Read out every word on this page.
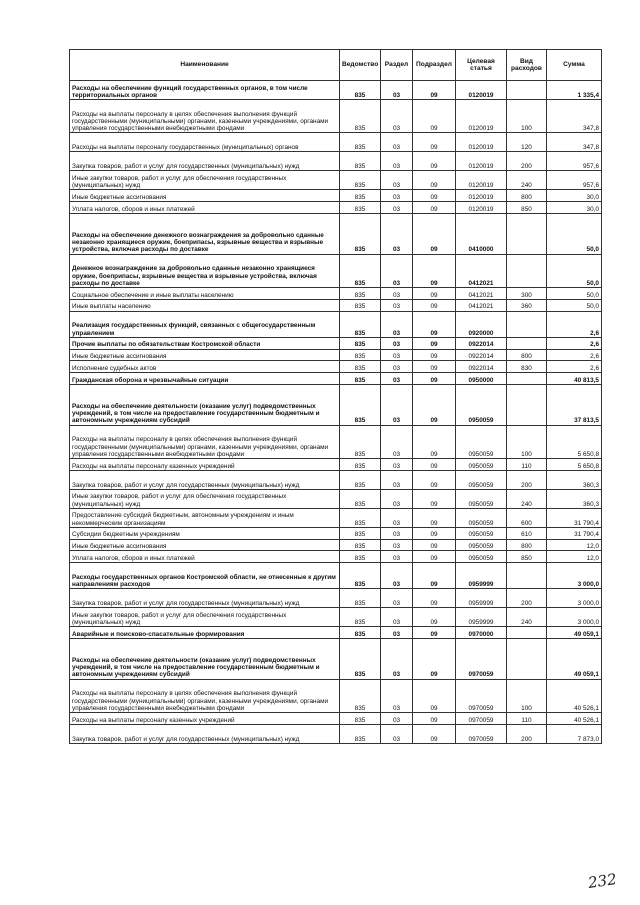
Наименование	Ведомство	Раздел	Подраздел	Целевая статья	Вид расходов	Сумма
Расходы на обеспечение функций государственных органов, в том числе территориальных органов	835	03	09	0120019		1 335,4
Расходы на выплаты персоналу в целях обеспечения выполнения функций государственными (муниципальными) органами, казенными учреждениями, органами управления государственными внебюджетными фондами	835	03	09	0120019	100	347,8
Расходы на выплаты персоналу государственных (муниципальных) органов	835	03	09	0120019	120	347,8
Закупка товаров, работ и услуг для государственных (муниципальных) нужд	835	03	09	0120019	200	957,6
Иные закупки товаров, работ и услуг для обеспечения государственных (муниципальных) нужд	835	03	09	0120019	240	957,6
Иные бюджетные ассигнования	835	03	09	0120019	800	30,0
Уплата налогов, сборов и иных платежей	835	03	09	0120019	850	30,0
Расходы на обеспечение денежного вознаграждения за добровольно сданные незаконно хранящиеся оружие, боеприпасы, взрывные вещества и взрывные устройства, включая расходы по доставке	835	03	09	0410000		50,0
Денежное вознаграждение за добровольно сданные незаконно хранящиеся оружие, боеприпасы, взрывные вещества и взрывные устройства, включая расходы по доставке	835	03	09	0412021		50,0
Социальное обеспечение и иные выплаты населению	835	03	09	0412021	300	50,0
Иные выплаты населению	835	03	09	0412021	360	50,0
Реализация государственных функций, связанных с общегосударственным управлением	835	03	09	0920000		2,6
Прочие выплаты по обязательствам Костромской области	835	03	09	0922014		2,6
Иные бюджетные ассигнования	835	03	09	0922014	800	2,6
Исполнение судебных актов	835	03	09	0922014	830	2,6
Гражданская оборона и чрезвычайные ситуации	835	03	09	0950000		40 813,5
Расходы на обеспечение деятельности (оказание услуг) подведомственных учреждений, в том числе на предоставление государственным бюджетным и автономным учреждениям субсидий	835	03	09	0950059		37 813,5
Расходы на выплаты персоналу в целях обеспечения выполнения функций государственными (муниципальными) органами, казенными учреждениями, органами управления государственными внебюджетными фондами	835	03	09	0950059	100	5 650,8
Расходы на выплаты персоналу казенных учреждений	835	03	09	0950059	110	5 650,8
Закупка товаров, работ и услуг для государственных (муниципальных) нужд	835	03	09	0950059	200	360,3
Иные закупки товаров, работ и услуг для обеспечения государственных (муниципальных) нужд	835	03	09	0950059	240	360,3
Предоставление субсидий бюджетным, автономным учреждениям и иным некоммерческим организациям	835	03	09	0950059	600	31 790,4
Субсидии бюджетным учреждениям	835	03	09	0950059	610	31 790,4
Иные бюджетные ассигнования	835	03	09	0950059	800	12,0
Уплата налогов, сборов и иных платежей	835	03	09	0950059	850	12,0
Расходы государственных органов Костромской области, не отнесенные к другим направлениям расходов	835	03	09	0959999		3 000,0
Закупка товаров, работ и услуг для государственных (муниципальных) нужд	835	03	09	0959999	200	3 000,0
Иные закупки товаров, работ и услуг для обеспечения государственных (муниципальных) нужд	835	03	09	0959999	240	3 000,0
Аварийные и поисково-спасательные формирования	835	03	09	0970000		49 059,1
Расходы на обеспечение деятельности (оказание услуг) подведомственных учреждений, в том числе на предоставление государственным бюджетным и автономным учреждениям субсидий	835	03	09	0970059		49 059,1
Расходы на выплаты персоналу в целях обеспечения выполнения функций государственными (муниципальными) органами, казенными учреждениями, органами управления государственными внебюджетными фондами	835	03	09	0970059	100	40 526,1
Расходы на выплаты персоналу казенных учреждений	835	03	09	0970059	110	40 526,1
Закупка товаров, работ и услуг для государственных (муниципальных) нужд	835	03	09	0970059	200	7 873,0
232
